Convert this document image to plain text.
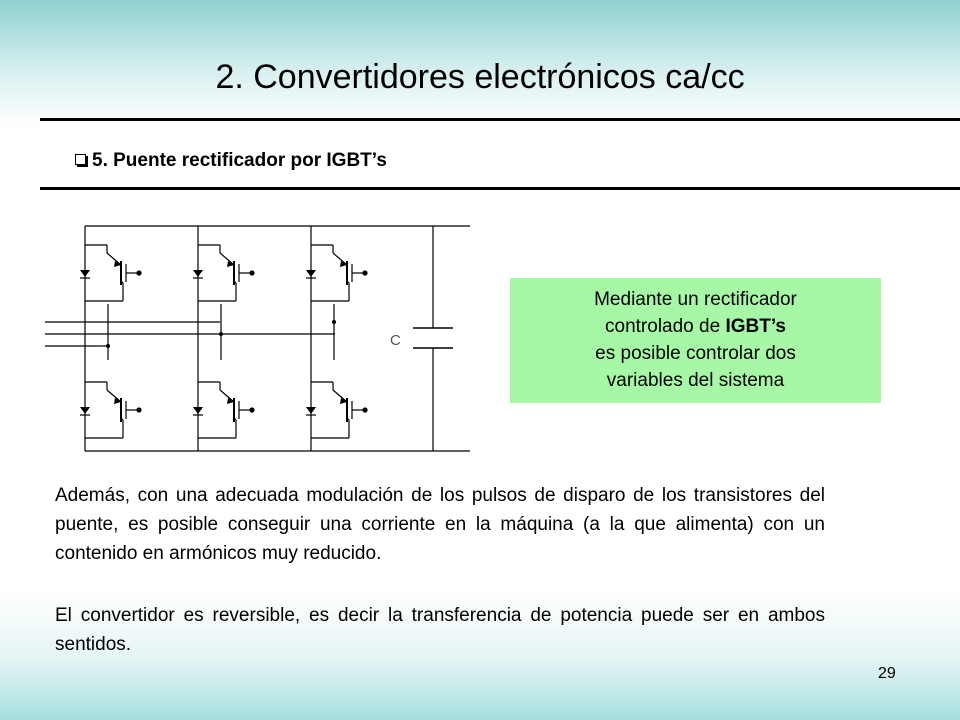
2. Convertidores electrónicos ca/cc
5. Puente rectificador por IGBT’s
C
Mediante un rectificador
controlado de IGBT’s
es posible controlar dos
variables del sistema

Además, con una adecuada modulación de los pulsos de disparo de los transistores del puente, es posible conseguir una corriente en la máquina (a la que alimenta) con un contenido en armónicos muy reducido.

El convertidor es reversible, es decir la transferencia de potencia puede ser en ambos sentidos.

29
